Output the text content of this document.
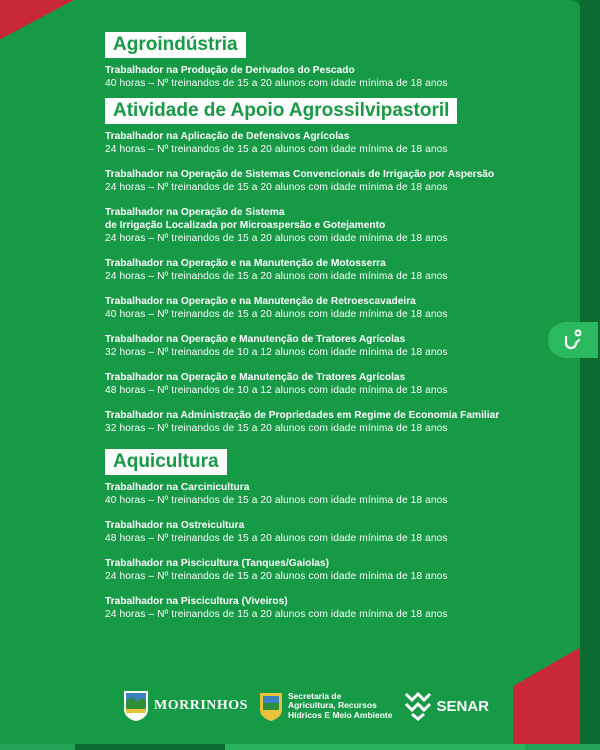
Agroindústria
Trabalhador na Produção de Derivados do Pescado
40 horas – Nº treinandos de 15 a 20 alunos com idade mínima de 18 anos
Atividade de Apoio Agrossilvipastoril
Trabalhador na Aplicação de Defensivos Agrícolas
24 horas – Nº treinandos de 15 a 20 alunos com idade mínima de 18 anos
Trabalhador na Operação de Sistemas Convencionais de Irrigação por Aspersão
24 horas – Nº treinandos de 15 a 20 alunos com idade mínima de 18 anos
Trabalhador na Operação de Sistema
de Irrigação Localizada por Microaspersão e Gotejamento
24 horas – Nº treinandos de 15 a 20 alunos com idade mínima de 18 anos
Trabalhador na Operação e na Manutenção de Motosserra
24 horas – Nº treinandos de 15 a 20 alunos com idade mínima de 18 anos
Trabalhador na Operação e na Manutenção de Retroescavadeira
40 horas – Nº treinandos de 15 a 20 alunos com idade mínima de 18 anos
Trabalhador na Operação e Manutenção de Tratores Agrícolas
32 horas – Nº treinandos de 10 a 12 alunos com idade mínima de 18 anos
Trabalhador na Operação e Manutenção de Tratores Agrícolas
48 horas – Nº treinandos de 10 a 12 alunos com idade mínima de 18 anos
Trabalhador na Administração de Propriedades em Regime de Economia Familiar
32 horas – Nº treinandos de 15 a 20 alunos com idade mínima de 18 anos
Aquicultura
Trabalhador na Carcinicultura
40 horas – Nº treinandos de 15 a 20 alunos com idade mínima de 18 anos
Trabalhador na Ostreicultura
48 horas – Nº treinandos de 15 a 20 alunos com idade mínima de 18 anos
Trabalhador na Piscicultura (Tanques/Gaiolas)
24 horas – Nº treinandos de 15 a 20 alunos com idade mínima de 18 anos
Trabalhador na Piscicultura (Viveiros)
24 horas – Nº treinandos de 15 a 20 alunos com idade mínima de 18 anos
MORRINHOS
Secretaria de
Agricultura, Recursos
Hídricos E Meio Ambiente
SENAR
